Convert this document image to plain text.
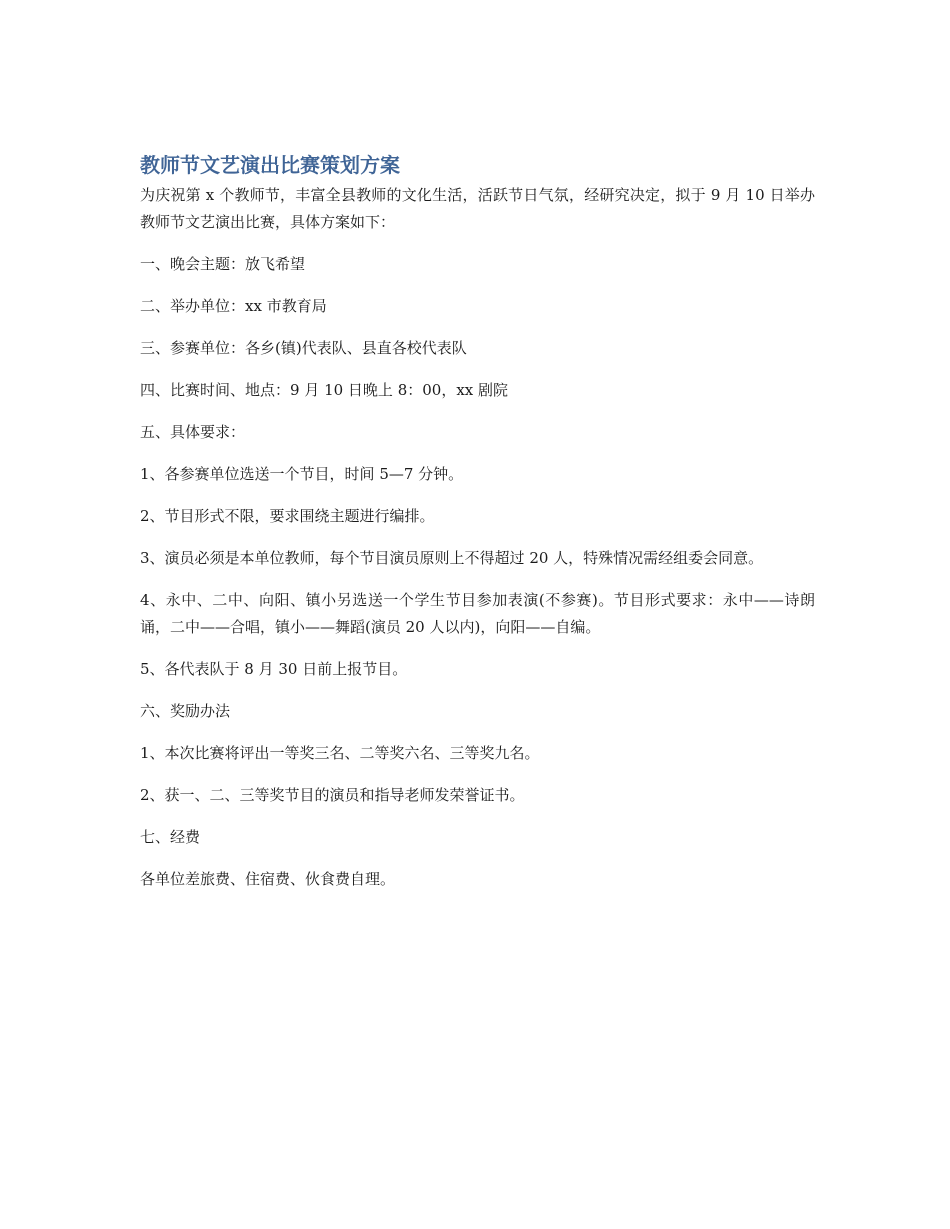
教师节文艺演出比赛策划方案

为庆祝第 x 个教师节，丰富全县教师的文化生活，活跃节日气氛，经研究决定，拟于 9 月 10 日举办教师节文艺演出比赛，具体方案如下：

一、晚会主题：放飞希望

二、举办单位：xx 市教育局

三、参赛单位：各乡(镇)代表队、县直各校代表队

四、比赛时间、地点：9 月 10 日晚上 8：00，xx 剧院

五、具体要求：

1、各参赛单位选送一个节目，时间 5—7 分钟。

2、节目形式不限，要求围绕主题进行编排。

3、演员必须是本单位教师，每个节目演员原则上不得超过 20 人，特殊情况需经组委会同意。

4、永中、二中、向阳、镇小另选送一个学生节目参加表演(不参赛)。节目形式要求：永中——诗朗诵，二中——合唱，镇小——舞蹈(演员 20 人以内)，向阳——自编。

5、各代表队于 8 月 30 日前上报节目。

六、奖励办法

1、本次比赛将评出一等奖三名、二等奖六名、三等奖九名。

2、获一、二、三等奖节目的演员和指导老师发荣誉证书。

七、经费

各单位差旅费、住宿费、伙食费自理。
